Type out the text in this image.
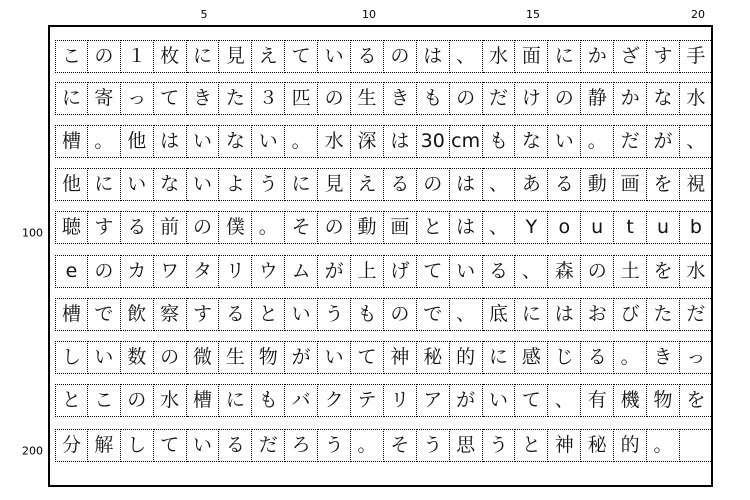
5	10	15	20
100
200
こ の １ 枚 に 見 え て い る の は 、 水 面 に か ざ す 手
に 寄 っ て き た ３ 匹 の 生 き も の だ け の 静 か な 水
槽 。 他 は い な い 。 水 深 は 30 cm も な い 。 だ が 、
他 に い な い よ う に 見 え る の は 、 あ る 動 画 を 視
聴 す る 前 の 僕 。 そ の 動 画 と は 、 Y	o	u	t	u	b
e の カ ワ タ リ ウ ム が 上 げ て い る 、 森 の 土 を 水
槽 で 飲 察 す る と い う も の で 、 底 に は お び た だ
し い 数 の 微 生 物 が い て 神 秘 的 に 感 じ る 。 き っ
と こ の 水 槽 に も バ ク テ リ ア が い て 、 有 機 物 を
分 解 し て い る だ ろ う 。 そ う 思 う と 神 秘 的 。
